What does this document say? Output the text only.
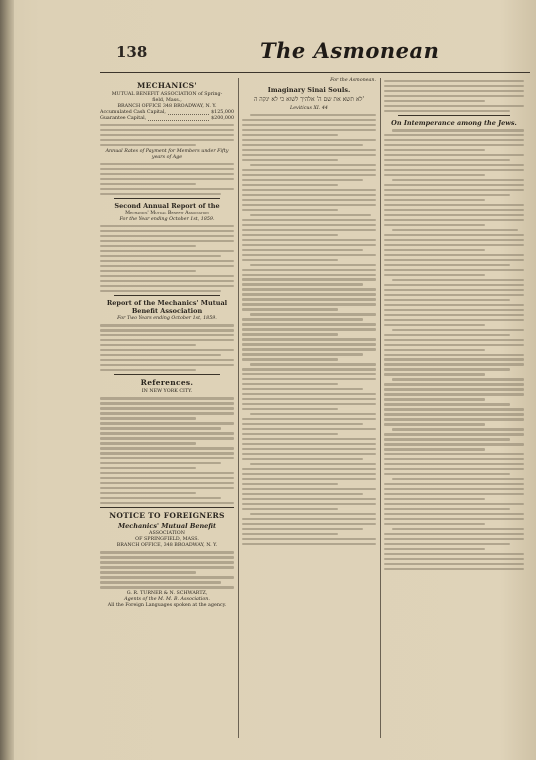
138	The Asmonean
MECHANICS'
MUTUAL BENEFIT ASSOCIATION of Spring-
field, Mass.,
BRANCH OFFICE 348 BROADWAY, N. Y.
Accumulated Cash Capital,	$125,000
Guarantee Capital,	$200,000
Annual Rates of Payment for Members under Fifty years of Age
Second Annual Report of the
Mechanics' Mutual Benefit Association
For the Year ending October 1st, 1859.
Report of the Mechanics' Mutual Benefit Association
For Two Years ending October 1st, 1859.
References.
IN NEW YORK CITY.
NOTICE TO FOREIGNERS
Mechanics' Mutual Benefit
ASSOCIATION
OF SPRINGFIELD, MASS.
BRANCH OFFICE, 348 BROADWAY, N. Y.
G. R. TURNER & N. SCHWARTZ,
Agents of the M. M. B. Association.
All the Foreign Languages spoken at the agency.
For the Asmonean.
Imaginary Sinai Souls.
לא תשא את שם ה' אלהיך לשוא כי לא ינקה ה'
Leviticus XI. 44
On Intemperance among the Jews.
